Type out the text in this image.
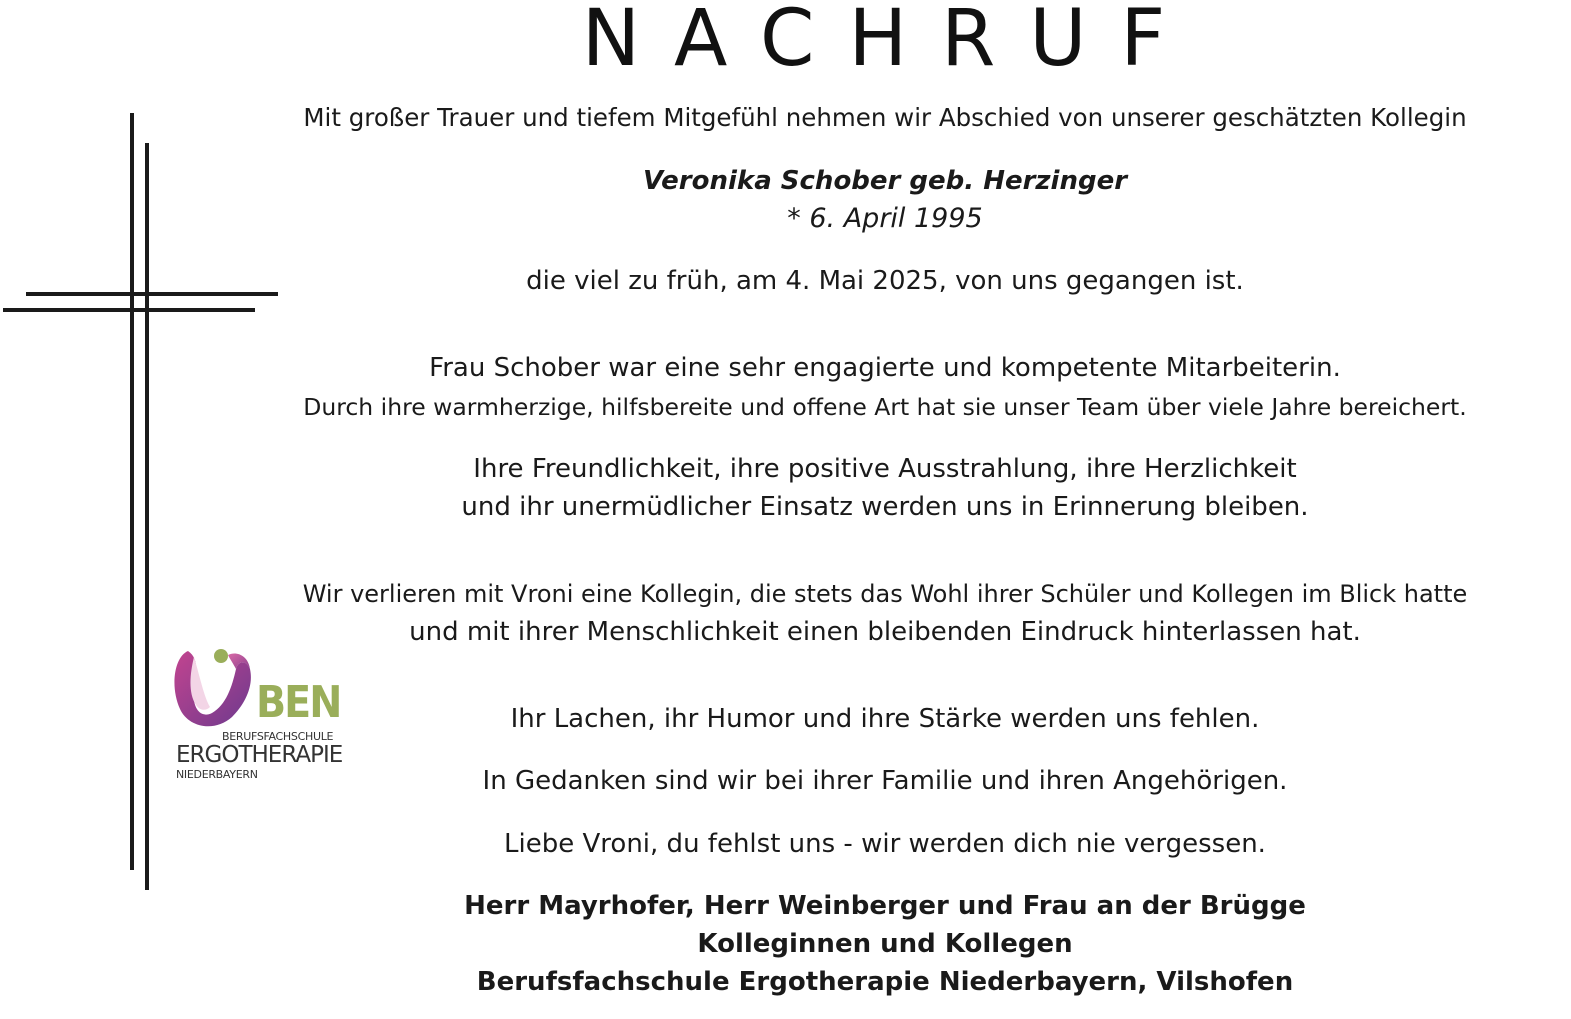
NACHRUF
BEN
BERUFSFACHSCHULE
ERGOTHERAPIE
NIEDERBAYERN
Mit großer Trauer und tiefem Mitgefühl nehmen wir Abschied von unserer geschätzten Kollegin
Veronika Schober geb. Herzinger
* 6. April 1995
die viel zu früh, am 4. Mai 2025, von uns gegangen ist.
Frau Schober war eine sehr engagierte und kompetente Mitarbeiterin.
Durch ihre warmherzige, hilfsbereite und offene Art hat sie unser Team über viele Jahre bereichert.
Ihre Freundlichkeit, ihre positive Ausstrahlung, ihre Herzlichkeit
und ihr unermüdlicher Einsatz werden uns in Erinnerung bleiben.
Wir verlieren mit Vroni eine Kollegin, die stets das Wohl ihrer Schüler und Kollegen im Blick hatte
und mit ihrer Menschlichkeit einen bleibenden Eindruck hinterlassen hat.
Ihr Lachen, ihr Humor und ihre Stärke werden uns fehlen.
In Gedanken sind wir bei ihrer Familie und ihren Angehörigen.
Liebe Vroni, du fehlst uns - wir werden dich nie vergessen.
Herr Mayrhofer, Herr Weinberger und Frau an der Brügge
Kolleginnen und Kollegen
Berufsfachschule Ergotherapie Niederbayern, Vilshofen
